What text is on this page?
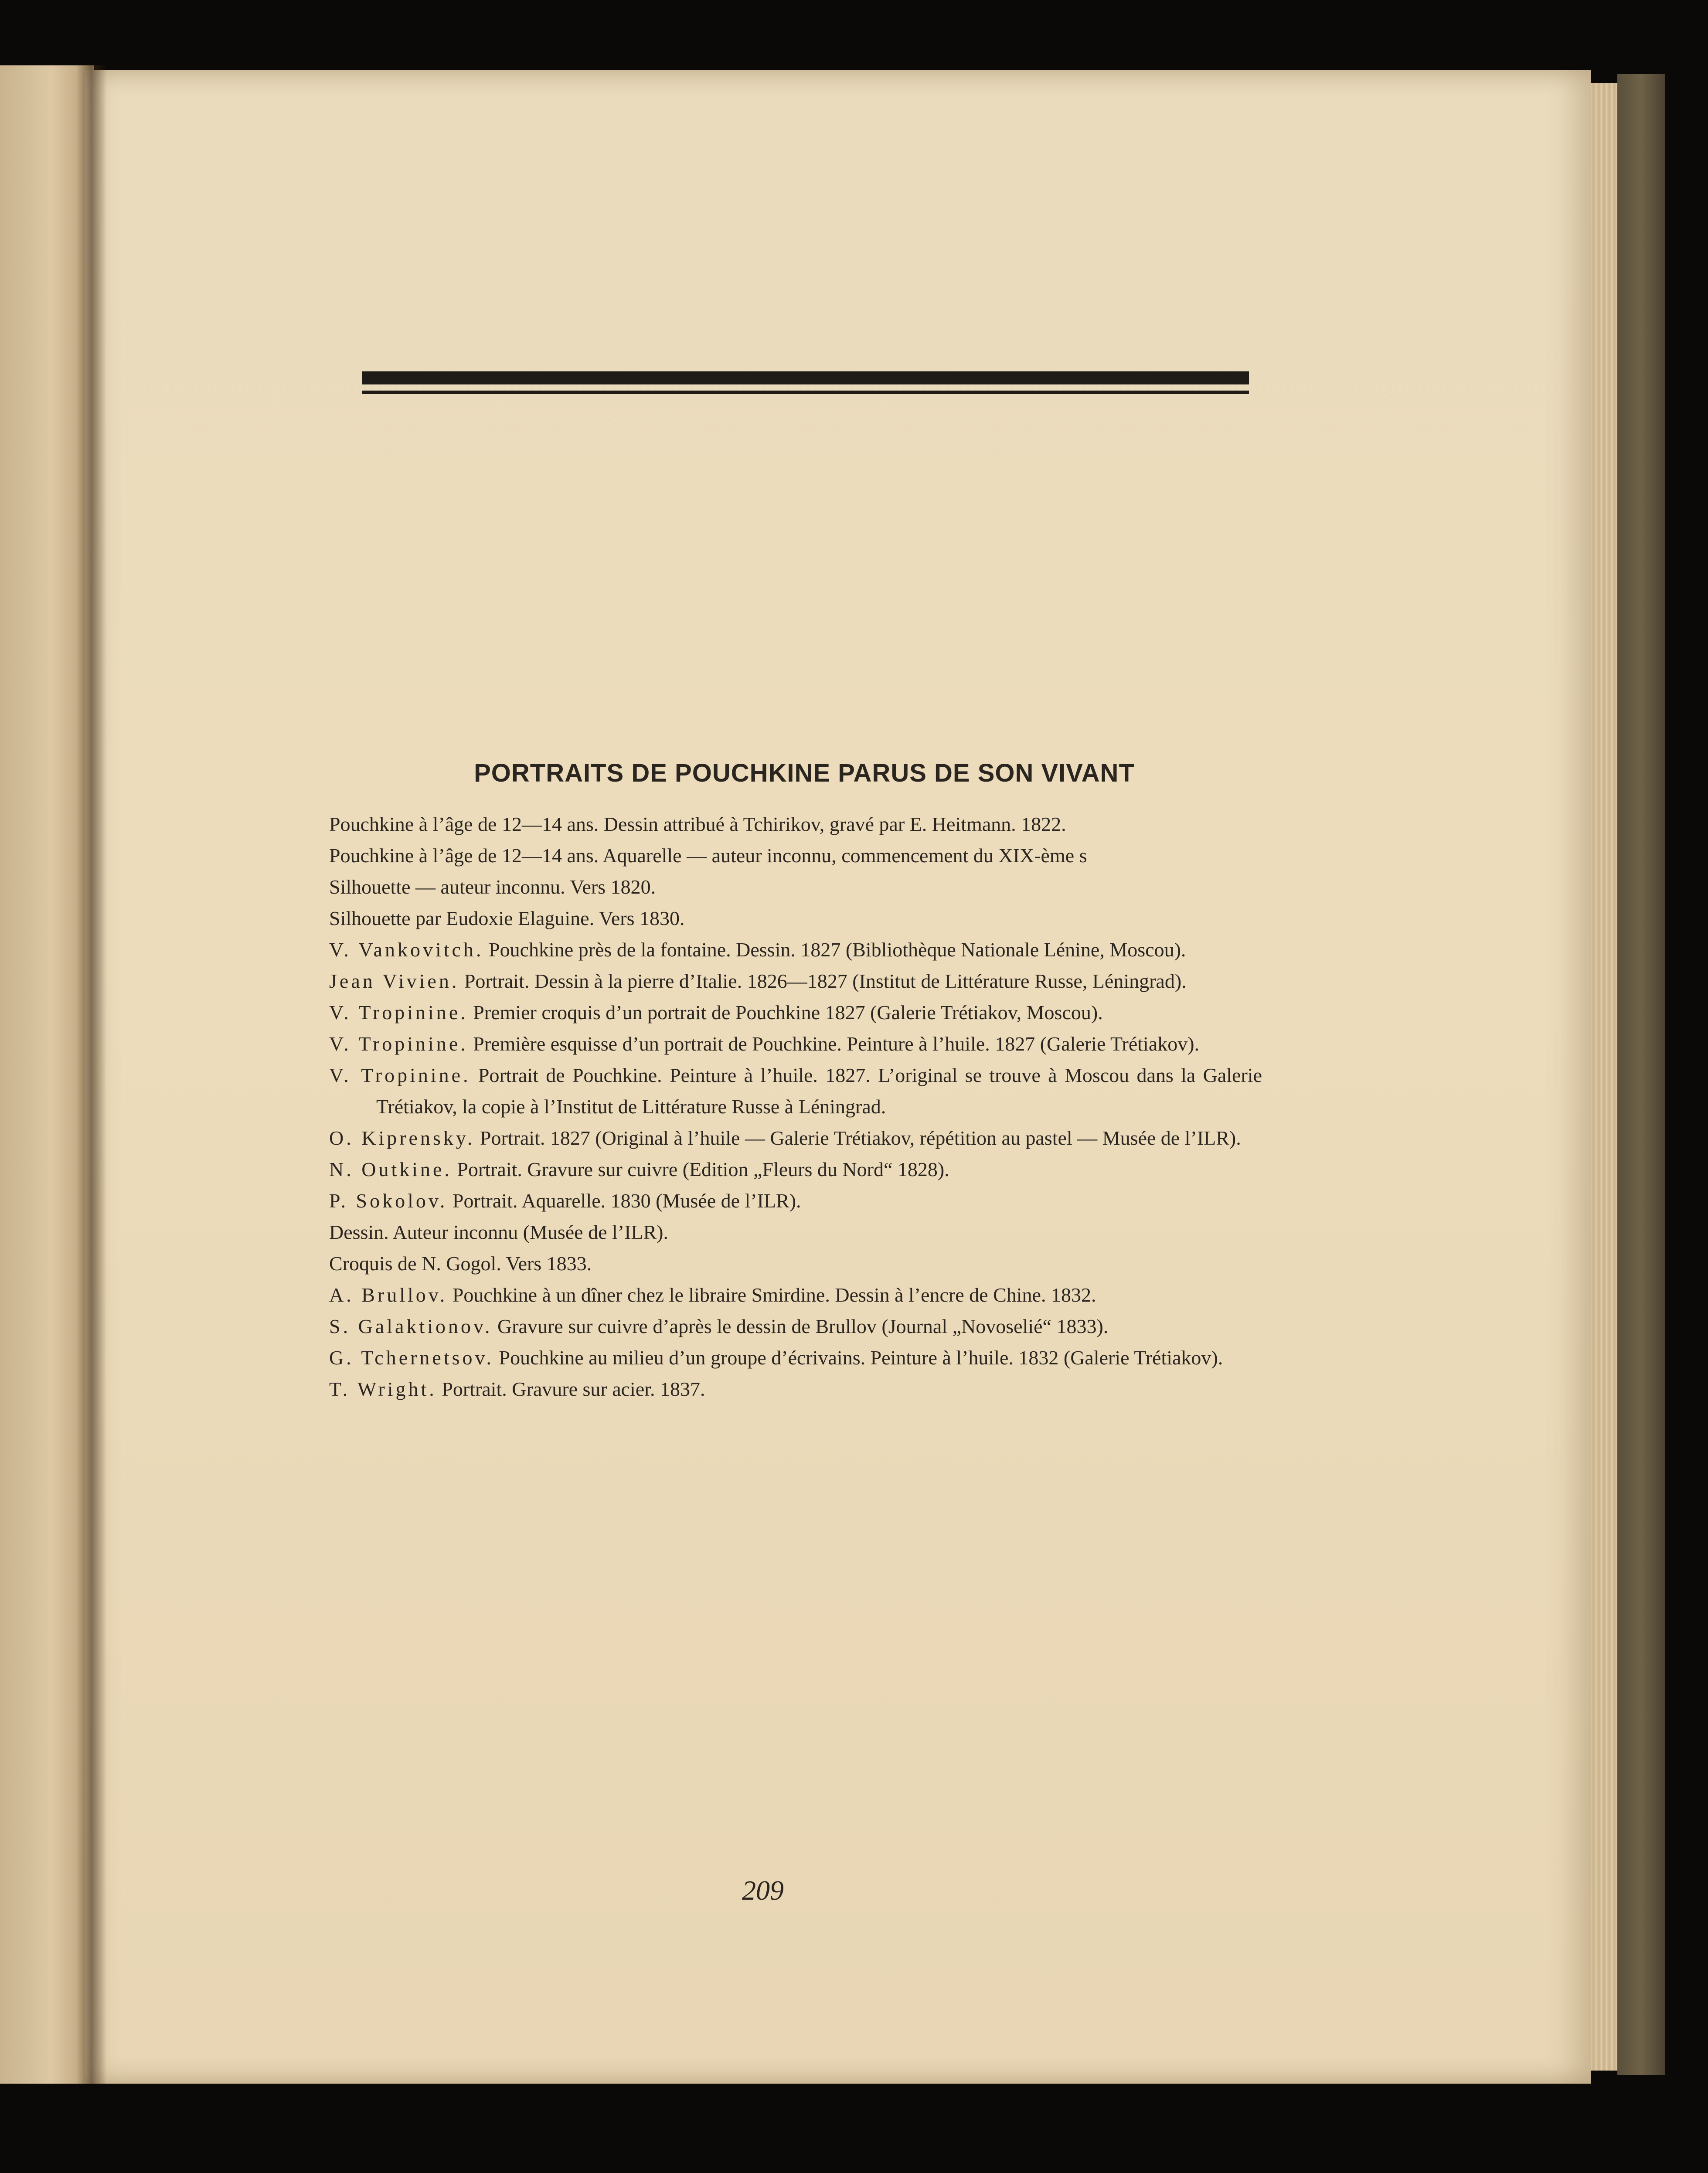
PORTRAITS DE POUCHKINE PARUS DE SON VIVANT
Pouchkine à l’âge de 12—14 ans. Dessin attribué à Tchirikov, gravé par E. Heitmann. 1822.
Pouchkine à l’âge de 12—14 ans. Aquarelle — auteur inconnu, commencement du XIX-ème s
Silhouette — auteur inconnu. Vers 1820.
Silhouette par Eudoxie Elaguine. Vers 1830.
V. Vankovitch. Pouchkine près de la fontaine. Dessin. 1827 (Bibliothèque Nationale Lénine, Moscou).
Jean Vivien. Portrait. Dessin à la pierre d’Italie. 1826—1827 (Institut de Littérature Russe, Léningrad).
V. Tropinine. Premier croquis d’un portrait de Pouchkine 1827 (Galerie Trétiakov, Moscou).
V. Tropinine. Première esquisse d’un portrait de Pouchkine. Peinture à l’huile. 1827 (Galerie Trétiakov).
V. Tropinine. Portrait de Pouchkine. Peinture à l’huile. 1827. L’original se trouve à Moscou dans la Galerie Trétiakov, la copie à l’Institut de Littérature Russe à Léningrad.
O. Kiprensky. Portrait. 1827 (Original à l’huile — Galerie Trétiakov, répétition au pastel — Musée de l’ILR).
N. Outkine. Portrait. Gravure sur cuivre (Edition „Fleurs du Nord“ 1828).
P. Sokolov. Portrait. Aquarelle. 1830 (Musée de l’ILR).
Dessin. Auteur inconnu (Musée de l’ILR).
Croquis de N. Gogol. Vers 1833.
A. Brullov. Pouchkine à un dîner chez le libraire Smirdine. Dessin à l’encre de Chine. 1832.
S. Galaktionov. Gravure sur cuivre d’après le dessin de Brullov (Journal „Novoselié“ 1833).
G. Tchernetsov. Pouchkine au milieu d’un groupe d’écrivains. Peinture à l’huile. 1832 (Galerie Trétiakov).
T. Wright. Portrait. Gravure sur acier. 1837.
209
